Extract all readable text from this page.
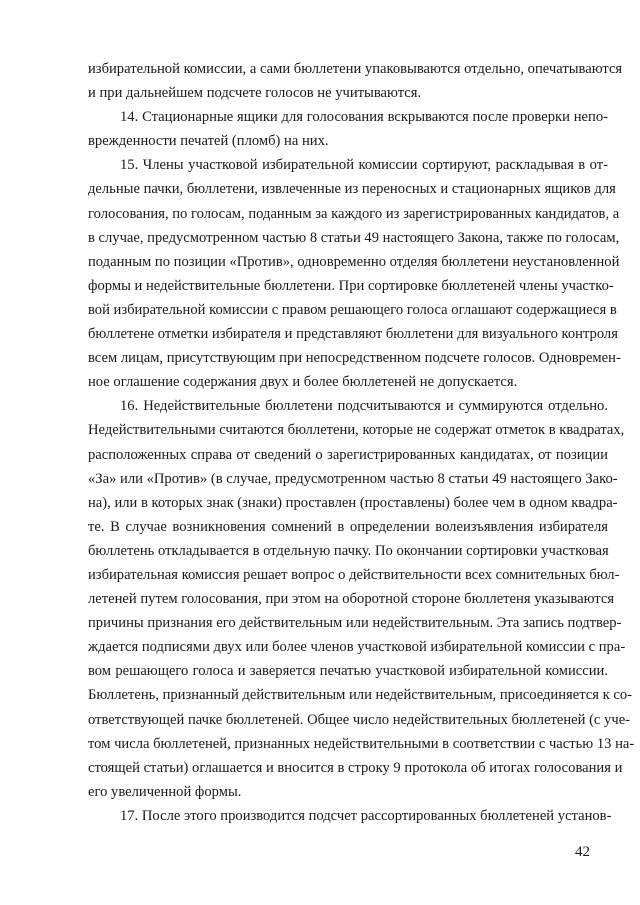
избирательной комиссии, а сами бюллетени упаковываются отдельно, опечатываются
и при дальнейшем подсчете голосов не учитываются.
14. Стационарные ящики для голосования вскрываются после проверки непо-
врежденности печатей (пломб) на них.
15. Члены участковой избирательной комиссии сортируют, раскладывая в от-
дельные пачки, бюллетени, извлеченные из переносных и стационарных ящиков для
голосования, по голосам, поданным за каждого из зарегистрированных кандидатов, а
в случае, предусмотренном частью 8 статьи 49 настоящего Закона, также по голосам,
поданным по позиции «Против», одновременно отделяя бюллетени неустановленной
формы и недействительные бюллетени. При сортировке бюллетеней члены участко-
вой избирательной комиссии с правом решающего голоса оглашают содержащиеся в
бюллетене отметки избирателя и представляют бюллетени для визуального контроля
всем лицам, присутствующим при непосредственном подсчете голосов. Одновремен-
ное оглашение содержания двух и более бюллетеней не допускается.
16. Недействительные бюллетени подсчитываются и суммируются отдельно.
Недействительными считаются бюллетени, которые не содержат отметок в квадратах,
расположенных справа от сведений о зарегистрированных кандидатах, от позиции
«За» или «Против» (в случае, предусмотренном частью 8 статьи 49 настоящего Зако-
на), или в которых знак (знаки) проставлен (проставлены) более чем в одном квадра-
те. В случае возникновения сомнений в определении волеизъявления избирателя
бюллетень откладывается в отдельную пачку. По окончании сортировки участковая
избирательная комиссия решает вопрос о действительности всех сомнительных бюл-
летеней путем голосования, при этом на оборотной стороне бюллетеня указываются
причины признания его действительным или недействительным. Эта запись подтвер-
ждается подписями двух или более членов участковой избирательной комиссии с пра-
вом решающего голоса и заверяется печатью участковой избирательной комиссии.
Бюллетень, признанный действительным или недействительным, присоединяется к со-
ответствующей пачке бюллетеней. Общее число недействительных бюллетеней (с уче-
том числа бюллетеней, признанных недействительными в соответствии с частью 13 на-
стоящей статьи) оглашается и вносится в строку 9 протокола об итогах голосования и
его увеличенной формы.
17. После этого производится подсчет рассортированных бюллетеней установ-
42
